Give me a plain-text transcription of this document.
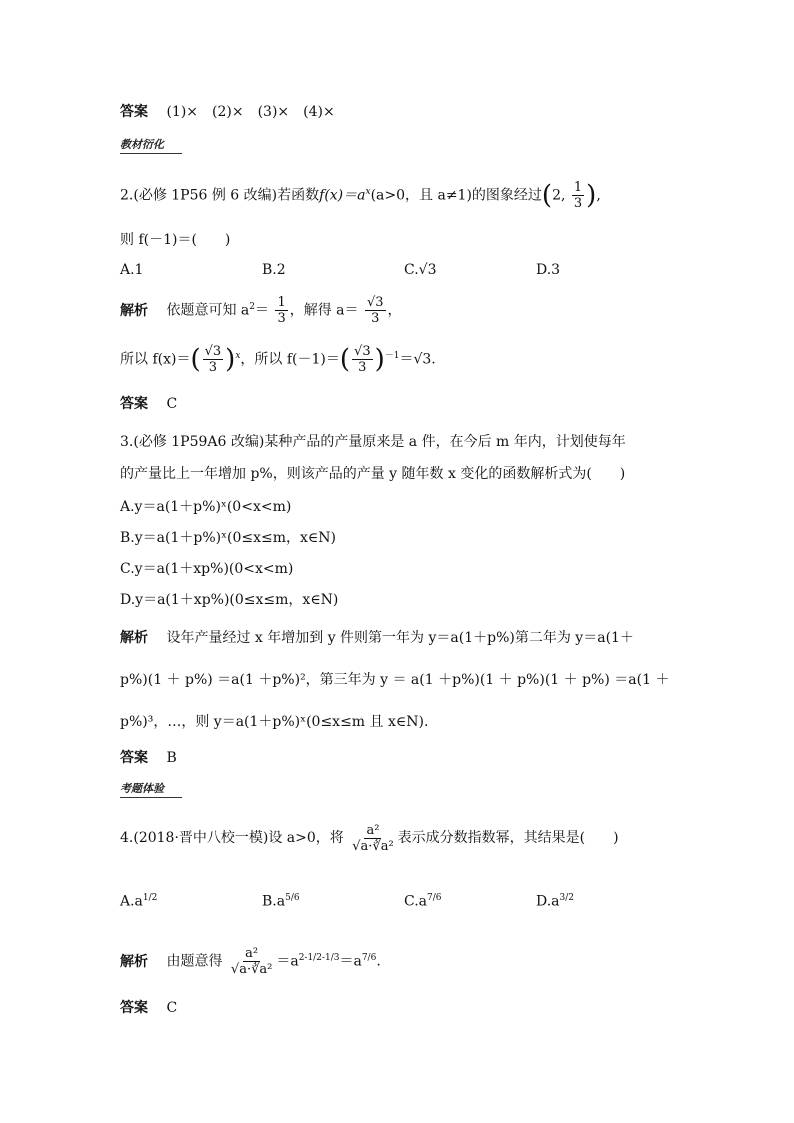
答案 (1)×　(2)×　(3)×　(4)×
教材衍化
2.(必修 1P56 例 6 改编)若函数$f(x)=a^x(a>0$，且 a≠1)的图象经过(2, $\frac{1}{3}$ ),
则 f(－1)＝(　　)
A.1	B.2	C.√3	D.3
解析 依题意可知 $a^2= \frac{1}{3}$ ，解得 $a= \frac{√3}{3}$ ，
所以 $f(x)=( \frac{√3}{3} )^x$，所以 $f(-1)=( \frac{√3}{3} )^{-1}=√3$.
答案 C
3.(必修 1P59A6 改编)某种产品的产量原来是 a 件，在今后 m 年内，计划使每年
的产量比上一年增加 p%，则该产品的产量 y 随年数 x 变化的函数解析式为(　　)
A.y＝a(1＋p%)ˣ(0<x<m)
B.y＝a(1＋p%)ˣ(0≤x≤m，x∈N)
C.y＝a(1＋xp%)(0<x<m)
D.y＝a(1＋xp%)(0≤x≤m，x∈N)
解析 设年产量经过 x 年增加到 y 件则第一年为 y＝a(1＋p%)第二年为 y＝a(1＋
p%)(1 ＋ p%) ＝a(1 ＋p%)²，第三年为 y ＝ a(1 ＋p%)(1 ＋ p%)(1 ＋ p%) ＝a(1 ＋
p%)³，…，则 y＝a(1＋p%)ˣ(0≤x≤m 且 x∈N).
答案 B
考题体验
4.(2018·晋中八校一模)设 a>0，将 $\frac{\text{a²}}{\text{√a·∛a²}}$ 表示成分数指数幂，其结果是(　　)
$A.a^{1/2}$	$B.a^{5/6}$	$C.a^{7/6}$	$D.a^{3/2}$
解析 由题意得 $\frac{\text{a²}}{\text{√a·∛a²}} =a^{2-1/2-1/3}=a^{7/6}$.
答案 C
